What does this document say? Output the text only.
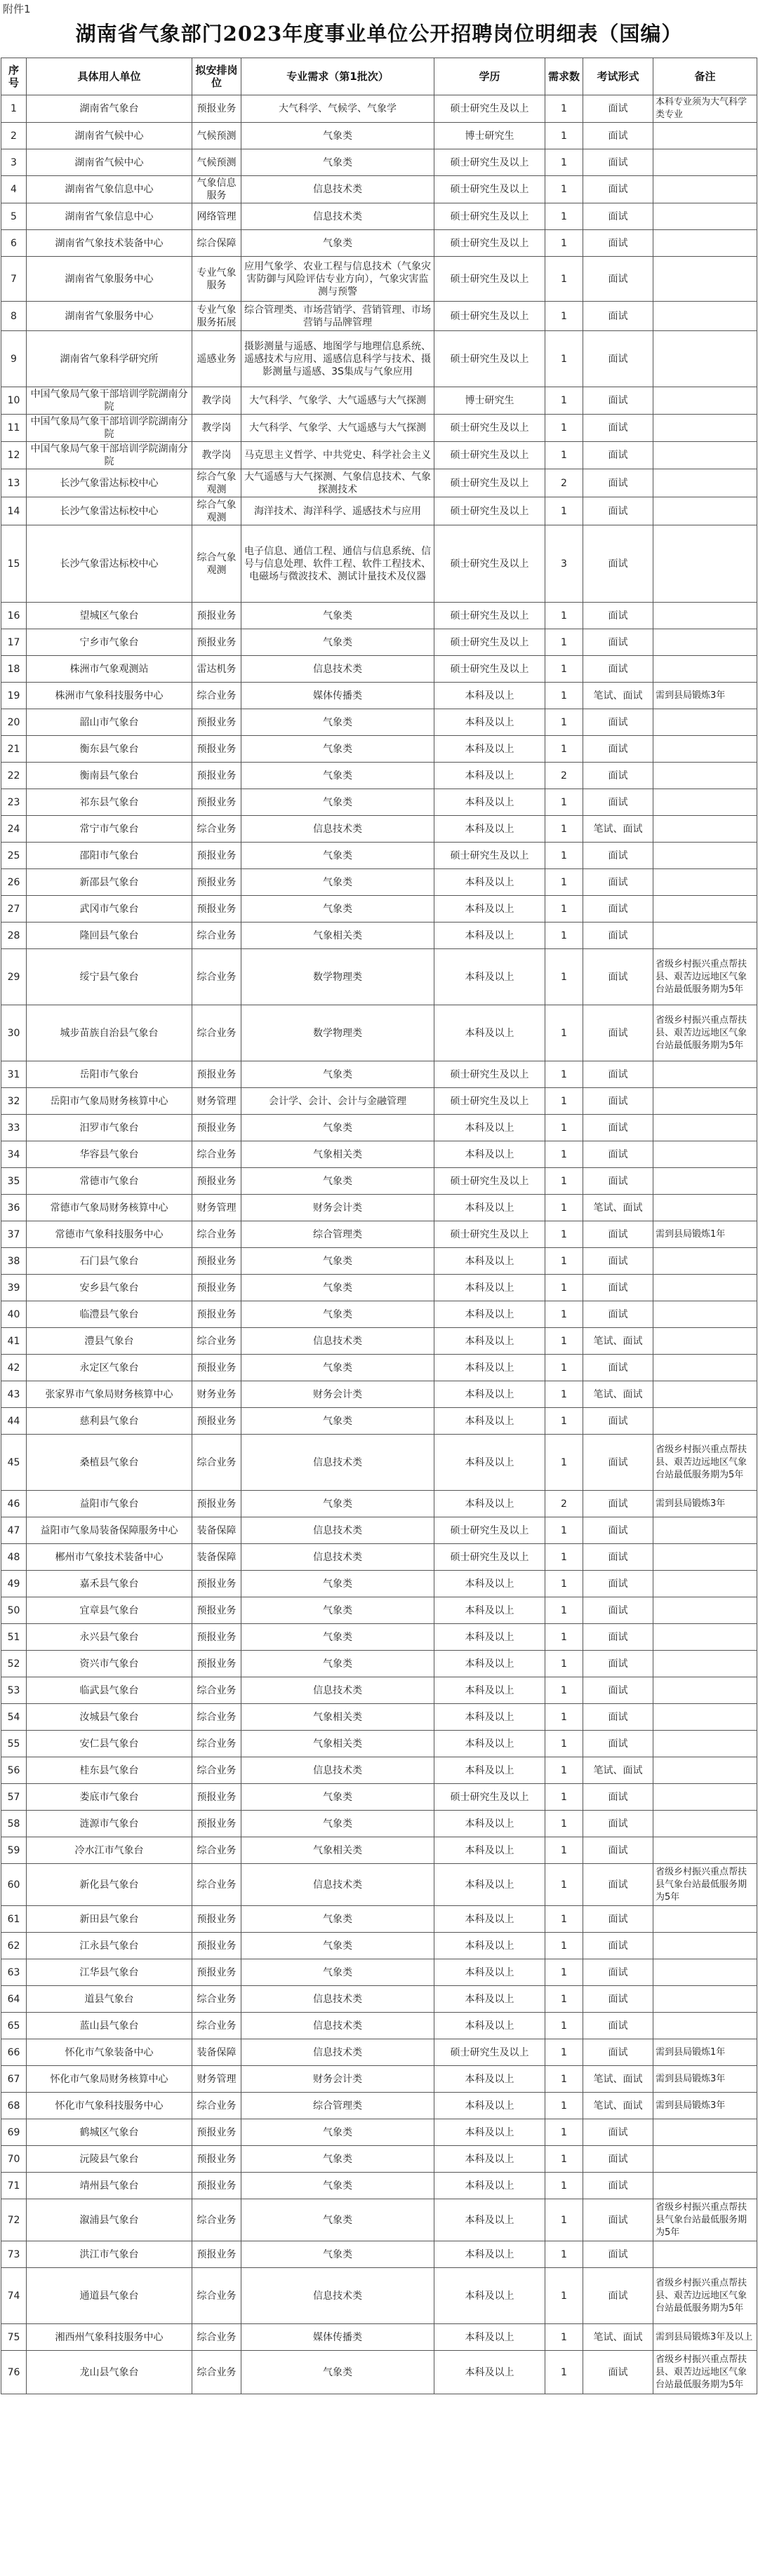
附件1
湖南省气象部门2023年度事业单位公开招聘岗位明细表（国编）
序号	具体用人单位	拟安排岗位	专业需求（第1批次）	学历	需求数	考试形式	备注
1	湖南省气象台	预报业务	大气科学、气候学、气象学	硕士研究生及以上	1	面试	本科专业须为大气科学类专业
2	湖南省气候中心	气候预测	气象类	博士研究生	1	面试	
3	湖南省气候中心	气候预测	气象类	硕士研究生及以上	1	面试	
4	湖南省气象信息中心	气象信息服务	信息技术类	硕士研究生及以上	1	面试	
5	湖南省气象信息中心	网络管理	信息技术类	硕士研究生及以上	1	面试	
6	湖南省气象技术装备中心	综合保障	气象类	硕士研究生及以上	1	面试	
7	湖南省气象服务中心	专业气象服务	应用气象学、农业工程与信息技术（气象灾害防御与风险评估专业方向），气象灾害监测与预警	硕士研究生及以上	1	面试	
8	湖南省气象服务中心	专业气象服务拓展	综合管理类、市场营销学、营销管理、市场营销与品牌管理	硕士研究生及以上	1	面试	
9	湖南省气象科学研究所	遥感业务	摄影测量与遥感、地图学与地理信息系统、遥感技术与应用、遥感信息科学与技术、摄影测量与遥感、3S集成与气象应用	硕士研究生及以上	1	面试	
10	中国气象局气象干部培训学院湖南分院	教学岗	大气科学、气象学、大气遥感与大气探测	博士研究生	1	面试	
11	中国气象局气象干部培训学院湖南分院	教学岗	大气科学、气象学、大气遥感与大气探测	硕士研究生及以上	1	面试	
12	中国气象局气象干部培训学院湖南分院	教学岗	马克思主义哲学、中共党史、科学社会主义	硕士研究生及以上	1	面试	
13	长沙气象雷达标校中心	综合气象观测	大气遥感与大气探测、气象信息技术、气象探测技术	硕士研究生及以上	2	面试	
14	长沙气象雷达标校中心	综合气象观测	海洋技术、海洋科学、遥感技术与应用	硕士研究生及以上	1	面试	
15	长沙气象雷达标校中心	综合气象观测	电子信息、通信工程、通信与信息系统、信号与信息处理、软件工程、软件工程技术、电磁场与微波技术、测试计量技术及仪器	硕士研究生及以上	3	面试	
16	望城区气象台	预报业务	气象类	硕士研究生及以上	1	面试	
17	宁乡市气象台	预报业务	气象类	硕士研究生及以上	1	面试	
18	株洲市气象观测站	雷达机务	信息技术类	硕士研究生及以上	1	面试	
19	株洲市气象科技服务中心	综合业务	媒体传播类	本科及以上	1	笔试、面试	需到县局锻炼3年
20	韶山市气象台	预报业务	气象类	本科及以上	1	面试	
21	衡东县气象台	预报业务	气象类	本科及以上	1	面试	
22	衡南县气象台	预报业务	气象类	本科及以上	2	面试	
23	祁东县气象台	预报业务	气象类	本科及以上	1	面试	
24	常宁市气象台	综合业务	信息技术类	本科及以上	1	笔试、面试	
25	邵阳市气象台	预报业务	气象类	硕士研究生及以上	1	面试	
26	新邵县气象台	预报业务	气象类	本科及以上	1	面试	
27	武冈市气象台	预报业务	气象类	本科及以上	1	面试	
28	隆回县气象台	综合业务	气象相关类	本科及以上	1	面试	
29	绥宁县气象台	综合业务	数学物理类	本科及以上	1	面试	省级乡村振兴重点帮扶县、艰苦边远地区气象台站最低服务期为5年
30	城步苗族自治县气象台	综合业务	数学物理类	本科及以上	1	面试	省级乡村振兴重点帮扶县、艰苦边远地区气象台站最低服务期为5年
31	岳阳市气象台	预报业务	气象类	硕士研究生及以上	1	面试	
32	岳阳市气象局财务核算中心	财务管理	会计学、会计、会计与金融管理	硕士研究生及以上	1	面试	
33	汨罗市气象台	预报业务	气象类	本科及以上	1	面试	
34	华容县气象台	综合业务	气象相关类	本科及以上	1	面试	
35	常德市气象台	预报业务	气象类	硕士研究生及以上	1	面试	
36	常德市气象局财务核算中心	财务管理	财务会计类	本科及以上	1	笔试、面试	
37	常德市气象科技服务中心	综合业务	综合管理类	硕士研究生及以上	1	面试	需到县局锻炼1年
38	石门县气象台	预报业务	气象类	本科及以上	1	面试	
39	安乡县气象台	预报业务	气象类	本科及以上	1	面试	
40	临澧县气象台	预报业务	气象类	本科及以上	1	面试	
41	澧县气象台	综合业务	信息技术类	本科及以上	1	笔试、面试	
42	永定区气象台	预报业务	气象类	本科及以上	1	面试	
43	张家界市气象局财务核算中心	财务业务	财务会计类	本科及以上	1	笔试、面试	
44	慈利县气象台	预报业务	气象类	本科及以上	1	面试	
45	桑植县气象台	综合业务	信息技术类	本科及以上	1	面试	省级乡村振兴重点帮扶县、艰苦边远地区气象台站最低服务期为5年
46	益阳市气象台	预报业务	气象类	本科及以上	2	面试	需到县局锻炼3年
47	益阳市气象局装备保障服务中心	装备保障	信息技术类	硕士研究生及以上	1	面试	
48	郴州市气象技术装备中心	装备保障	信息技术类	硕士研究生及以上	1	面试	
49	嘉禾县气象台	预报业务	气象类	本科及以上	1	面试	
50	宜章县气象台	预报业务	气象类	本科及以上	1	面试	
51	永兴县气象台	预报业务	气象类	本科及以上	1	面试	
52	资兴市气象台	预报业务	气象类	本科及以上	1	面试	
53	临武县气象台	综合业务	信息技术类	本科及以上	1	面试	
54	汝城县气象台	综合业务	气象相关类	本科及以上	1	面试	
55	安仁县气象台	综合业务	气象相关类	本科及以上	1	面试	
56	桂东县气象台	综合业务	信息技术类	本科及以上	1	笔试、面试	
57	娄底市气象台	预报业务	气象类	硕士研究生及以上	1	面试	
58	涟源市气象台	预报业务	气象类	本科及以上	1	面试	
59	冷水江市气象台	综合业务	气象相关类	本科及以上	1	面试	
60	新化县气象台	综合业务	信息技术类	本科及以上	1	面试	省级乡村振兴重点帮扶县气象台站最低服务期为5年
61	新田县气象台	预报业务	气象类	本科及以上	1	面试	
62	江永县气象台	预报业务	气象类	本科及以上	1	面试	
63	江华县气象台	预报业务	气象类	本科及以上	1	面试	
64	道县气象台	综合业务	信息技术类	本科及以上	1	面试	
65	蓝山县气象台	综合业务	信息技术类	本科及以上	1	面试	
66	怀化市气象装备中心	装备保障	信息技术类	硕士研究生及以上	1	面试	需到县局锻炼1年
67	怀化市气象局财务核算中心	财务管理	财务会计类	本科及以上	1	笔试、面试	需到县局锻炼3年
68	怀化市气象科技服务中心	综合业务	综合管理类	本科及以上	1	笔试、面试	需到县局锻炼3年
69	鹤城区气象台	预报业务	气象类	本科及以上	1	面试	
70	沅陵县气象台	预报业务	气象类	本科及以上	1	面试	
71	靖州县气象台	预报业务	气象类	本科及以上	1	面试	
72	溆浦县气象台	综合业务	气象类	本科及以上	1	面试	省级乡村振兴重点帮扶县气象台站最低服务期为5年
73	洪江市气象台	预报业务	气象类	本科及以上	1	面试	
74	通道县气象台	综合业务	信息技术类	本科及以上	1	面试	省级乡村振兴重点帮扶县、艰苦边远地区气象台站最低服务期为5年
75	湘西州气象科技服务中心	综合业务	媒体传播类	本科及以上	1	笔试、面试	需到县局锻炼3年及以上
76	龙山县气象台	综合业务	气象类	本科及以上	1	面试	省级乡村振兴重点帮扶县、艰苦边远地区气象台站最低服务期为5年
